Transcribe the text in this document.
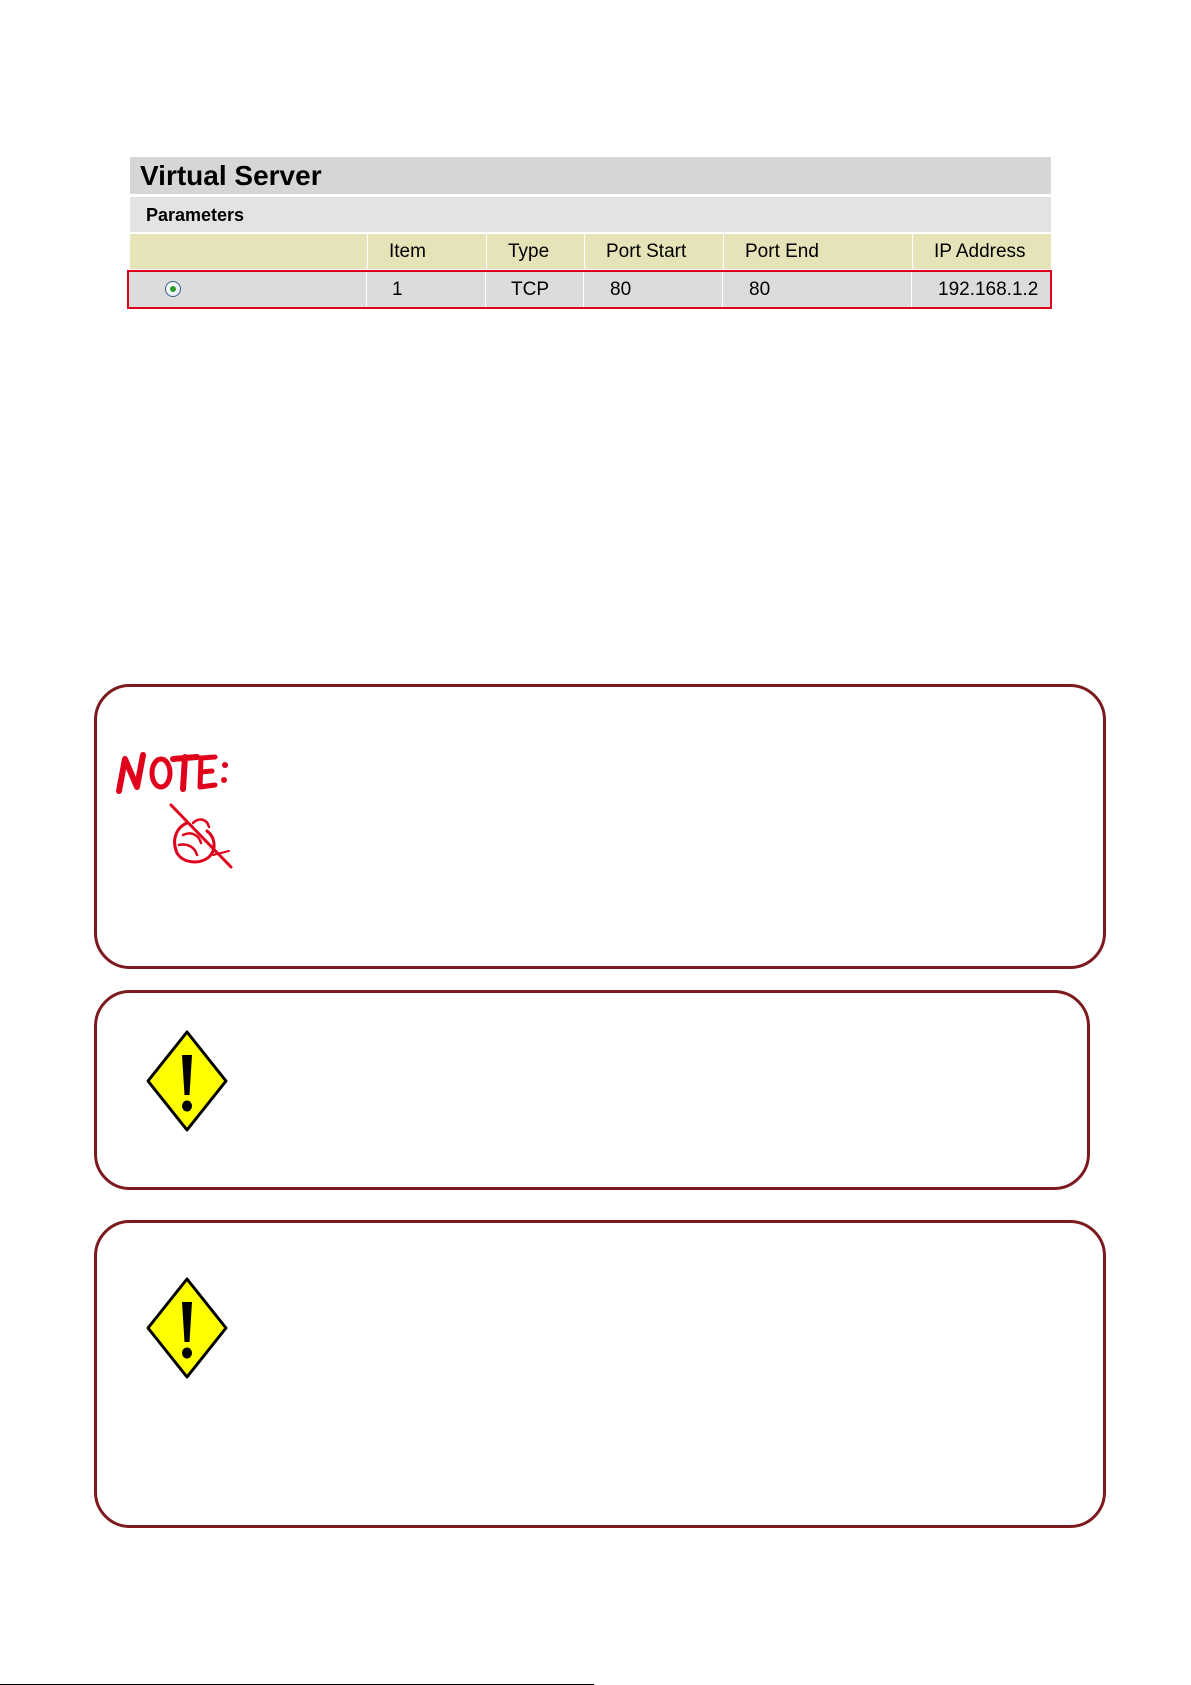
Virtual Server
Parameters
Item	Type	Port Start	Port End	IP Address
1	TCP	80	80	192.168.1.2
